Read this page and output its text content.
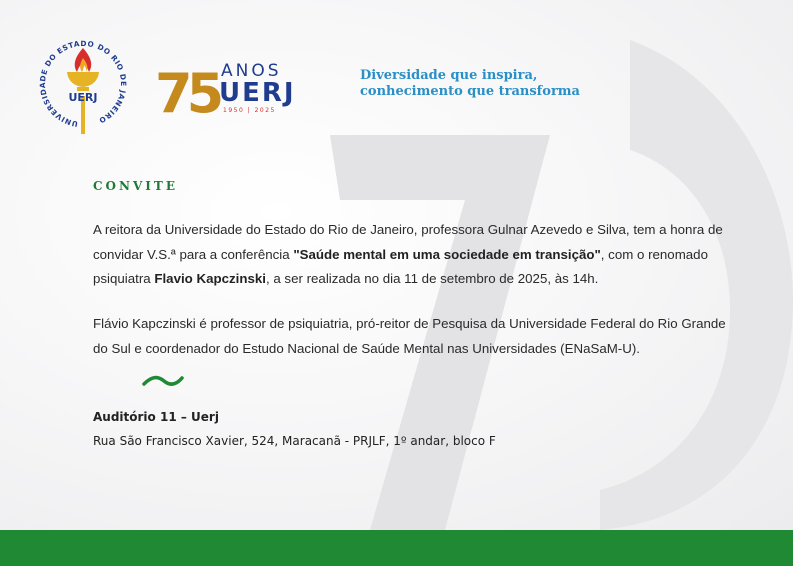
UNIVERSIDADE DO ESTADO DO RIO DE JANEIRO
UERJ 75 ANOS
UERJ
1950 | 2025
Diversidade que inspira,
conhecimento que transforma
CONVITE
A reitora da Universidade do Estado do Rio de Janeiro, professora Gulnar Azevedo e Silva, tem a honra de convidar V.S.ª para a conferência "Saúde mental em uma sociedade em transição", com o renomado psiquiatra Flavio Kapczinski, a ser realizada no dia 11 de setembro de 2025, às 14h.
Flávio Kapczinski é professor de psiquiatria, pró-reitor de Pesquisa da Universidade Federal do Rio Grande do Sul e coordenador do Estudo Nacional de Saúde Mental nas Universidades (ENaSaM-U).
Auditório 11 – Uerj
Rua São Francisco Xavier, 524, Maracanã - PRJLF, 1º andar, bloco F
